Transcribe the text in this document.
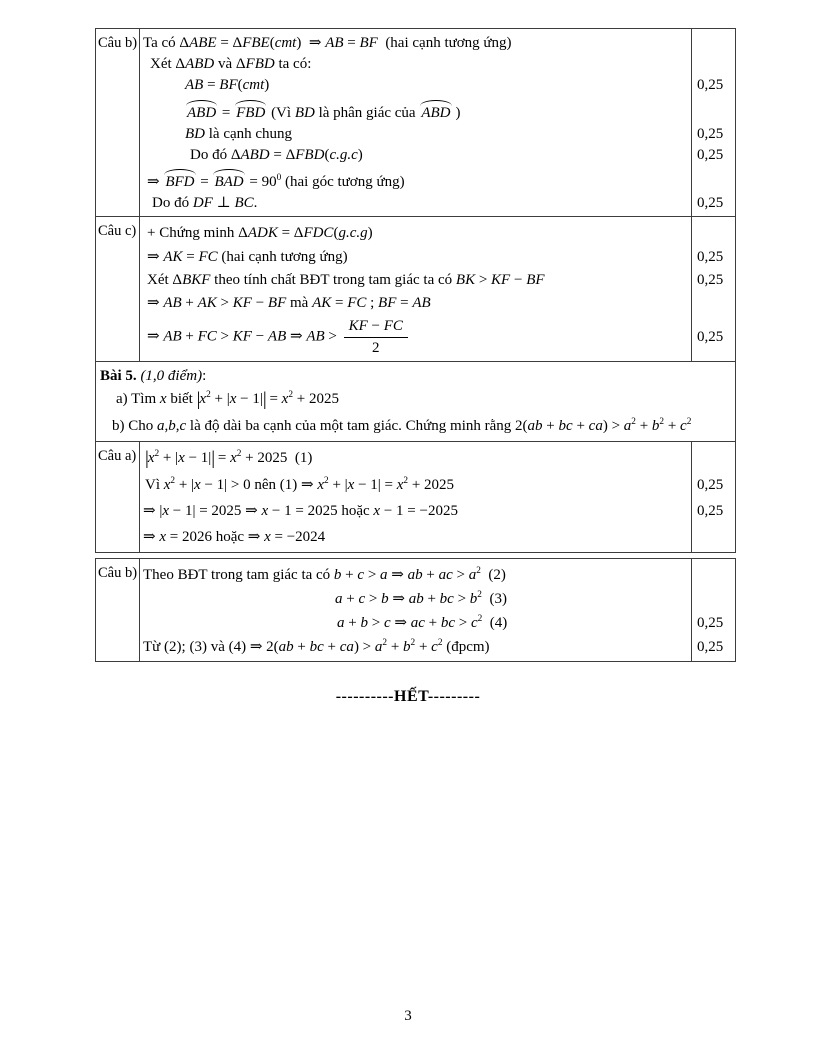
Câu b) Ta có ΔABE = ΔFBE(cmt)  ⇒ AB = BF  (hai cạnh tương ứng)
Xét ΔABD và ΔFBD ta có:
AB = BF(cmt)	0,25
ABD = FBD (Vì BD là phân giác của ABD )
BD là cạnh chung	0,25
Do đó ΔABD = ΔFBD(c.g.c)	0,25
⇒ BFD = BAD = $90^0$ (hai góc tương ứng)
Do đó DF ⊥ BC.	0,25
Câu c) + Chứng minh ΔADK = ΔFDC(g.c.g)
⇒ AK = FC (hai cạnh tương ứng)	0,25
Xét ΔBKF theo tính chất BĐT trong tam giác ta có BK > KF − BF	0,25
⇒ AB + AK > KF − BF mà AK = FC ; BF = AB
⇒ AB + FC > KF − AB ⇒ AB > $\frac{KF - FC}{2}$	0,25
Bài 5. (1,0 điểm):
a) Tìm x biết $|x^2 + |x - 1|| = x^2 + 2025$
b) Cho a,b,c là độ dài ba cạnh của một tam giác. Chứng minh rằng 2(ab + bc + $ca) > a^2 + b^2 + c^2$
Câu a) $|x^2 + |x - 1|| = x^2 + 2025$  (1)
Vì $x^2 + |x - 1| > 0$ nên (1) ⇒ $x^2 + |x - 1| = x^2 + 2025$	0,25
⇒ |x − 1| = 2025 ⇒ x − 1 = 2025 hoặc x − 1 = −2025	0,25
⇒ x = 2026 hoặc ⇒ x = −2024
Câu b) Theo BĐT trong tam giác ta có b + c > a ⇒ ab + ac > $a^2$  (2)
a + c > b ⇒ ab + bc > $b^2$  (3)
a + b > c ⇒ ac + bc > $c^2$  (4)	0,25
Từ (2); (3) và (4) ⇒ 2(ab + bc + $ca) > a^2 + b^2 + c^2$ (đpcm)	0,25
----------HẾT---------
3
